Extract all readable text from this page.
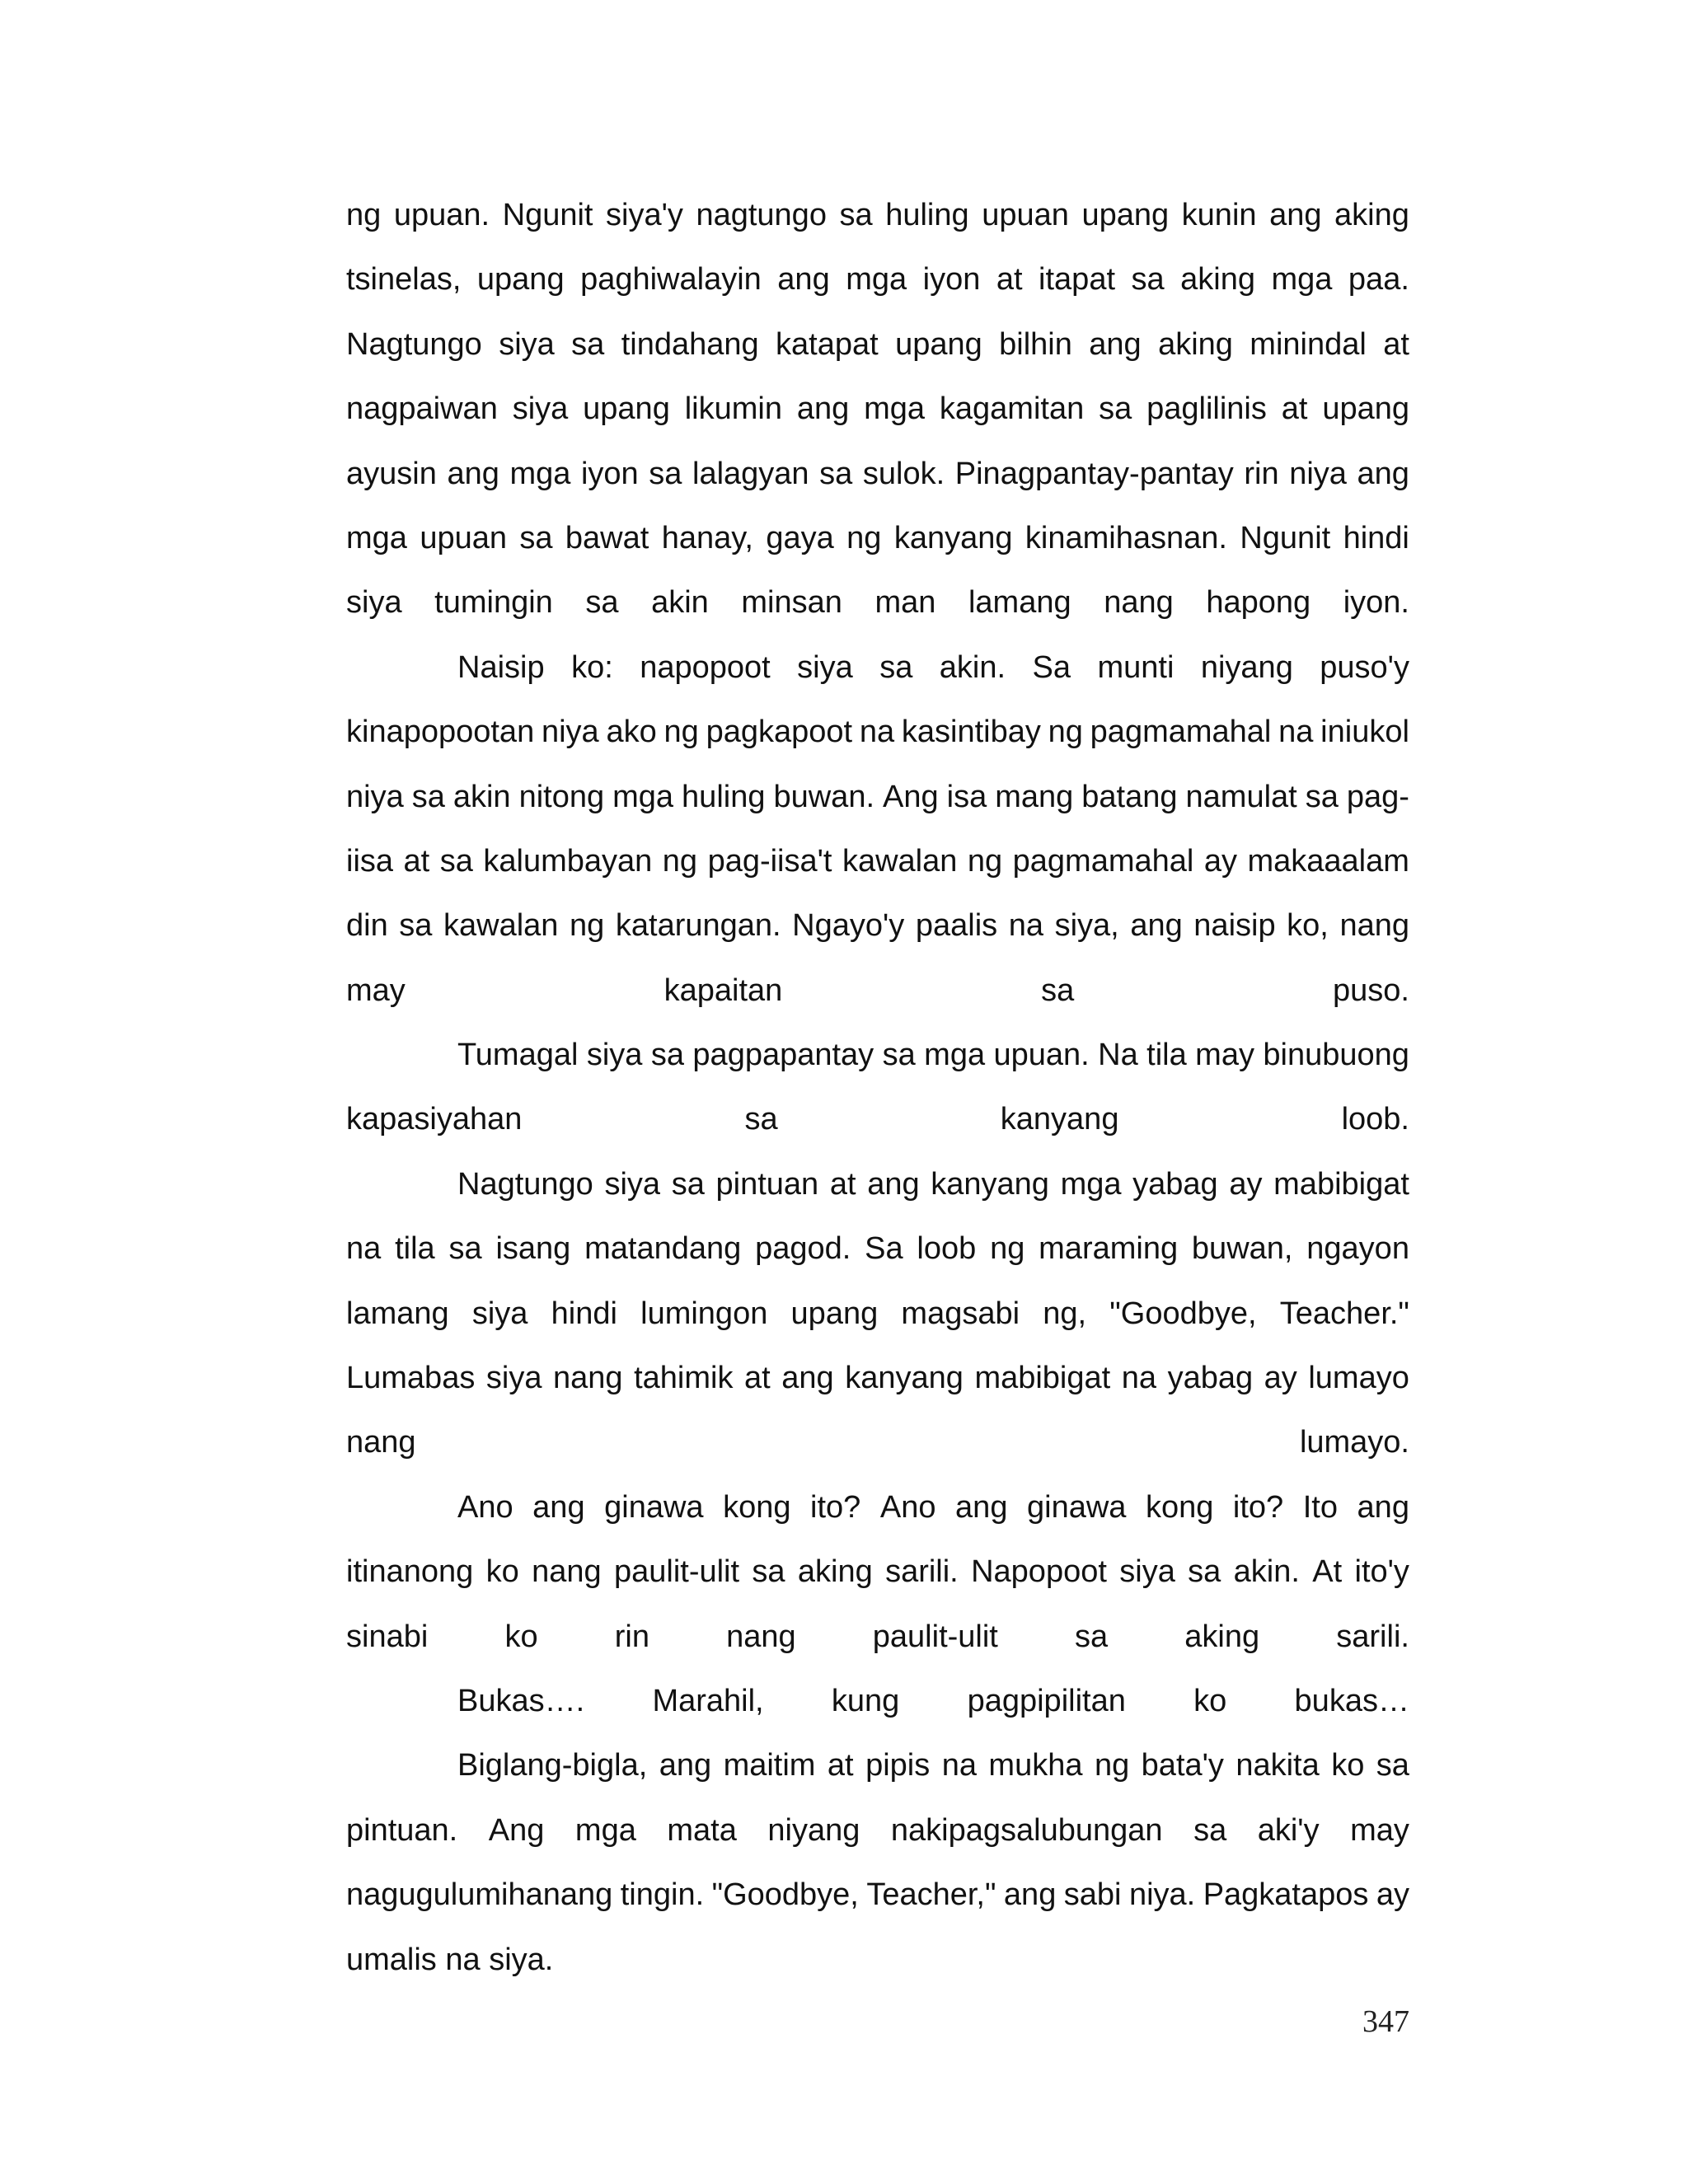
ng upuan. Ngunit siya'y nagtungo sa huling upuan upang kunin ang aking
tsinelas, upang paghiwalayin ang mga iyon at itapat sa aking mga paa.
Nagtungo siya sa tindahang katapat upang bilhin ang aking minindal at
nagpaiwan siya upang likumin ang mga kagamitan sa paglilinis at upang
ayusin ang mga iyon sa lalagyan sa sulok. Pinagpantay-pantay rin niya ang
mga upuan sa bawat hanay, gaya ng kanyang kinamihasnan. Ngunit hindi
siya tumingin sa akin minsan man lamang nang hapong iyon.
Naisip ko: napopoot siya sa akin. Sa munti niyang puso'y
kinapopootan niya ako ng pagkapoot na kasintibay ng pagmamahal na iniukol
niya sa akin nitong mga huling buwan. Ang isa mang batang namulat sa pag-
iisa at sa kalumbayan ng pag-iisa't kawalan ng pagmamahal ay makaaalam
din sa kawalan ng katarungan. Ngayo'y paalis na siya, ang naisip ko, nang
may	kapaitan	sa	puso.
Tumagal siya sa pagpapantay sa mga upuan. Na tila may binubuong
kapasiyahan	sa	kanyang	loob.
Nagtungo siya sa pintuan at ang kanyang mga yabag ay mabibigat
na tila sa isang matandang pagod. Sa loob ng maraming buwan, ngayon
lamang siya hindi lumingon upang magsabi ng, "Goodbye, Teacher."
Lumabas siya nang tahimik at ang kanyang mabibigat na yabag ay lumayo
nang	lumayo.
Ano ang ginawa kong ito? Ano ang ginawa kong ito? Ito ang
itinanong ko nang paulit-ulit sa aking sarili. Napopoot siya sa akin. At ito'y
sinabi ko rin nang paulit-ulit sa aking sarili.
Bukas…. Marahil, kung pagpipilitan ko bukas…
Biglang-bigla, ang maitim at pipis na mukha ng bata'y nakita ko sa
pintuan. Ang mga mata niyang nakipagsalubungan sa aki'y may
nagugulumihanang tingin. "Goodbye, Teacher," ang sabi niya. Pagkatapos ay
umalis na siya.
347
